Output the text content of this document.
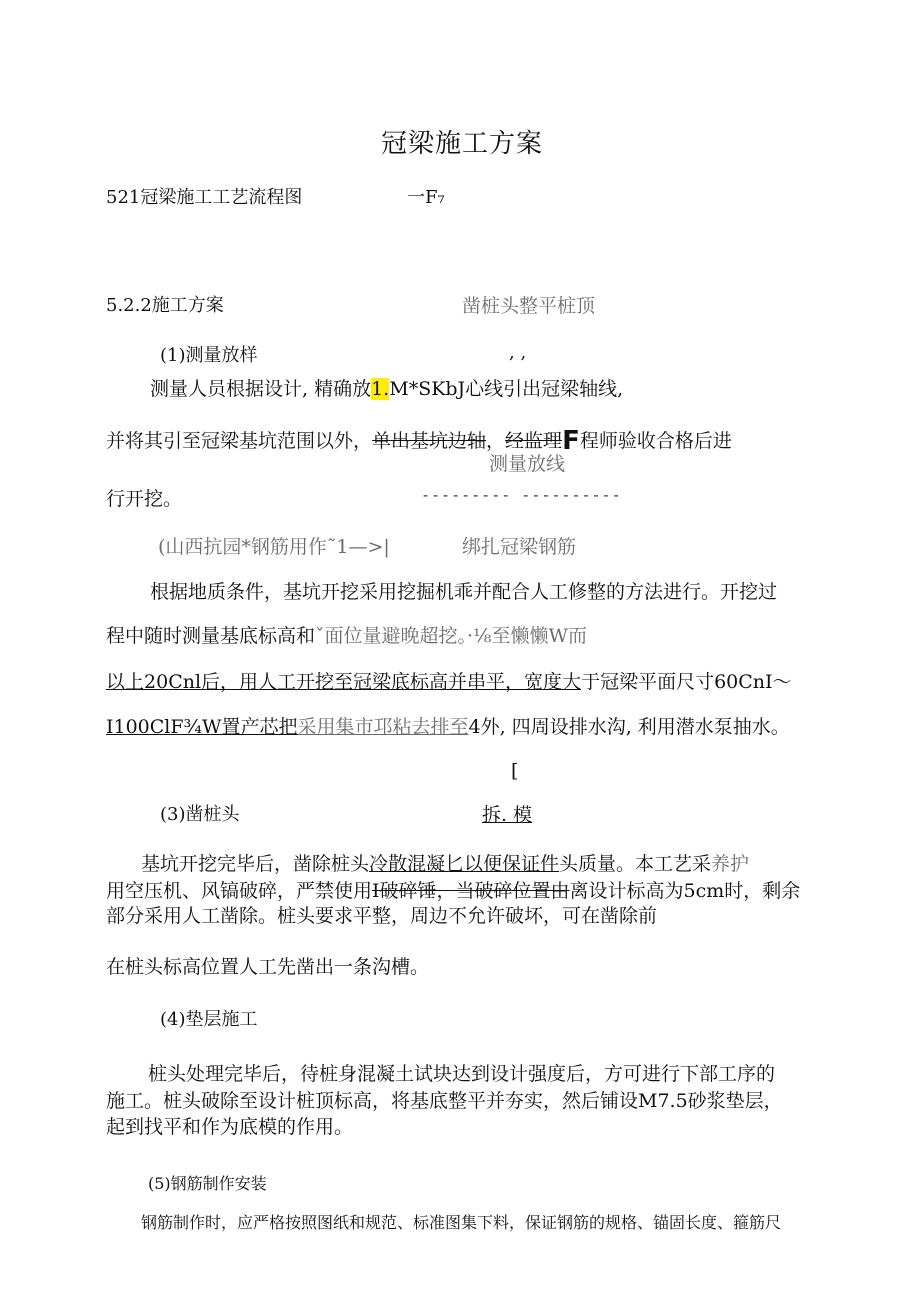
冠梁施工方案
521冠梁施工工艺流程图	一F₇
5.2.2施工方案	凿桩头整平桩顶
, ,
测量放线
--------- ----------
绑扎冠梁钢筋
[
拆. 模
(1)测量放样
测量人员根据设计, 精确放1.M*SKbJ心线引出冠梁轴线,
并将其引至冠梁基坑范围以外，单出基坑边轴，经监理F程师验收合格后进
行开挖。
(山西抗园*钢筋用作˜1—>|
根据地质条件，基坑开挖采用挖掘机乖并配合人工修整的方法进行。开挖过
程中随时测量基底标高和ˇ面位量避晚超挖。·⅛至懒懒W而
以上20Cnl后，用人工开挖至冠梁底标高并串平，宽度大于冠梁平面尺寸60CnI～
I100ClF¾W置产芯把采用集市邛粘去排至4外, 四周设排水沟, 利用潜水泵抽水。
(3)凿桩头
基坑开挖完毕后，凿除桩头冷散混凝匕以便保证件头质量。本工艺采养护
用空压机、风镐破碎，严禁使用I破碎锤，当破碎位置由离设计标高为5cm时，剩余
部分采用人工凿除。桩头要求平整，周边不允许破坏，可在凿除前
在桩头标高位置人工先凿出一条沟槽。
(4)垫层施工
桩头处理完毕后，待桩身混凝土试块达到设计强度后，方可进行下部工序的
施工。桩头破除至设计桩顶标高，将基底整平并夯实，然后铺设M7.5砂浆垫层，
起到找平和作为底模的作用。
(5)钢筋制作安装
钢筋制作时，应严格按照图纸和规范、标准图集下料，保证钢筋的规格、锚固长度、箍筋尺
